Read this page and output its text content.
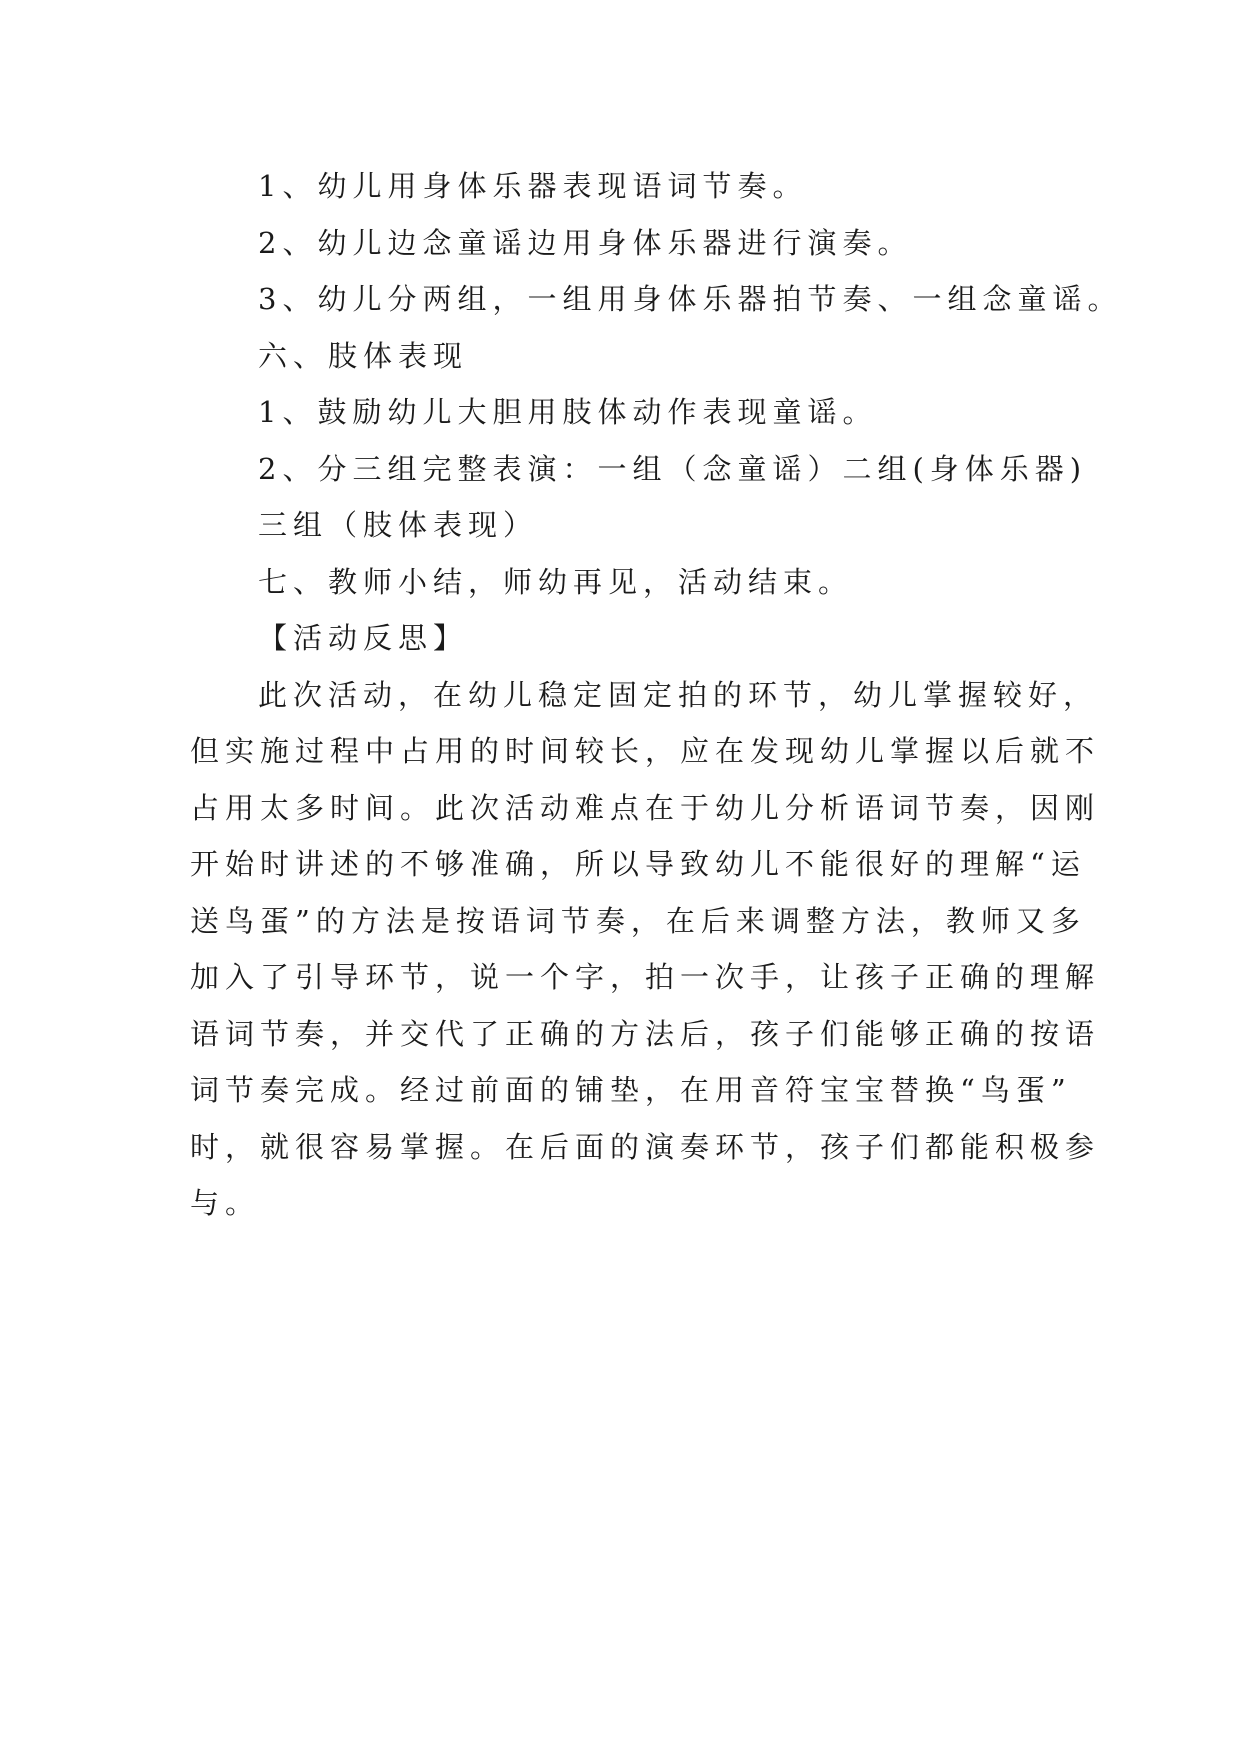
1、幼儿用身体乐器表现语词节奏。

2、幼儿边念童谣边用身体乐器进行演奏。

3、幼儿分两组，一组用身体乐器拍节奏、一组念童谣。

六、肢体表现

1、鼓励幼儿大胆用肢体动作表现童谣。

2、分三组完整表演：一组（念童谣）二组(身体乐器)

三组（肢体表现）

七、教师小结，师幼再见，活动结束。

【活动反思】

此次活动，在幼儿稳定固定拍的环节，幼儿掌握较好，
但实施过程中占用的时间较长，应在发现幼儿掌握以后就不
占用太多时间。此次活动难点在于幼儿分析语词节奏，因刚
开始时讲述的不够准确，所以导致幼儿不能很好的理解“运
送鸟蛋”的方法是按语词节奏，在后来调整方法，教师又多
加入了引导环节，说一个字，拍一次手，让孩子正确的理解
语词节奏，并交代了正确的方法后，孩子们能够正确的按语
词节奏完成。经过前面的铺垫，在用音符宝宝替换“鸟蛋”
时，就很容易掌握。在后面的演奏环节，孩子们都能积极参
与。
